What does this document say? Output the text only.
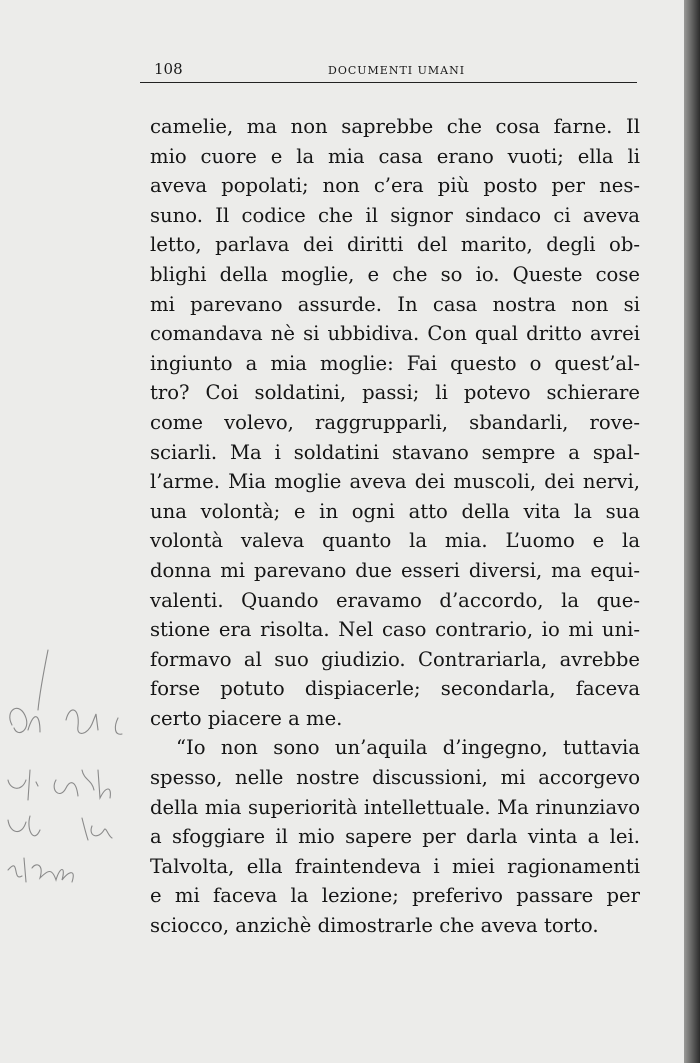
108	DOCUMENTI UMANI
camelie, ma non saprebbe che cosa farne. Il
mio cuore e la mia casa erano vuoti; ella li
aveva popolati; non c’era più posto per nes-
suno. Il codice che il signor sindaco ci aveva
letto, parlava dei diritti del marito, degli ob-
blighi della moglie, e che so io. Queste cose
mi parevano assurde. In casa nostra non si
comandava nè si ubbidiva. Con qual dritto avrei
ingiunto a mia moglie: Fai questo o quest’al-
tro? Coi soldatini, passi; li potevo schierare
come volevo, raggrupparli, sbandarli, rove-
sciarli. Ma i soldatini stavano sempre a spal-
l’arme. Mia moglie aveva dei muscoli, dei nervi,
una volontà; e in ogni atto della vita la sua
volontà valeva quanto la mia. L’uomo e la
donna mi parevano due esseri diversi, ma equi-
valenti. Quando eravamo d’accordo, la que-
stione era risolta. Nel caso contrario, io mi uni-
formavo al suo giudizio. Contrariarla, avrebbe
forse potuto dispiacerle; secondarla, faceva
certo piacere a me.
“Io non sono un’aquila d’ingegno, tuttavia
spesso, nelle nostre discussioni, mi accorgevo
della mia superiorità intellettuale. Ma rinunziavo
a sfoggiare il mio sapere per darla vinta a lei.
Talvolta, ella fraintendeva i miei ragionamenti
e mi faceva la lezione; preferivo passare per
sciocco, anzichè dimostrarle che aveva torto.
